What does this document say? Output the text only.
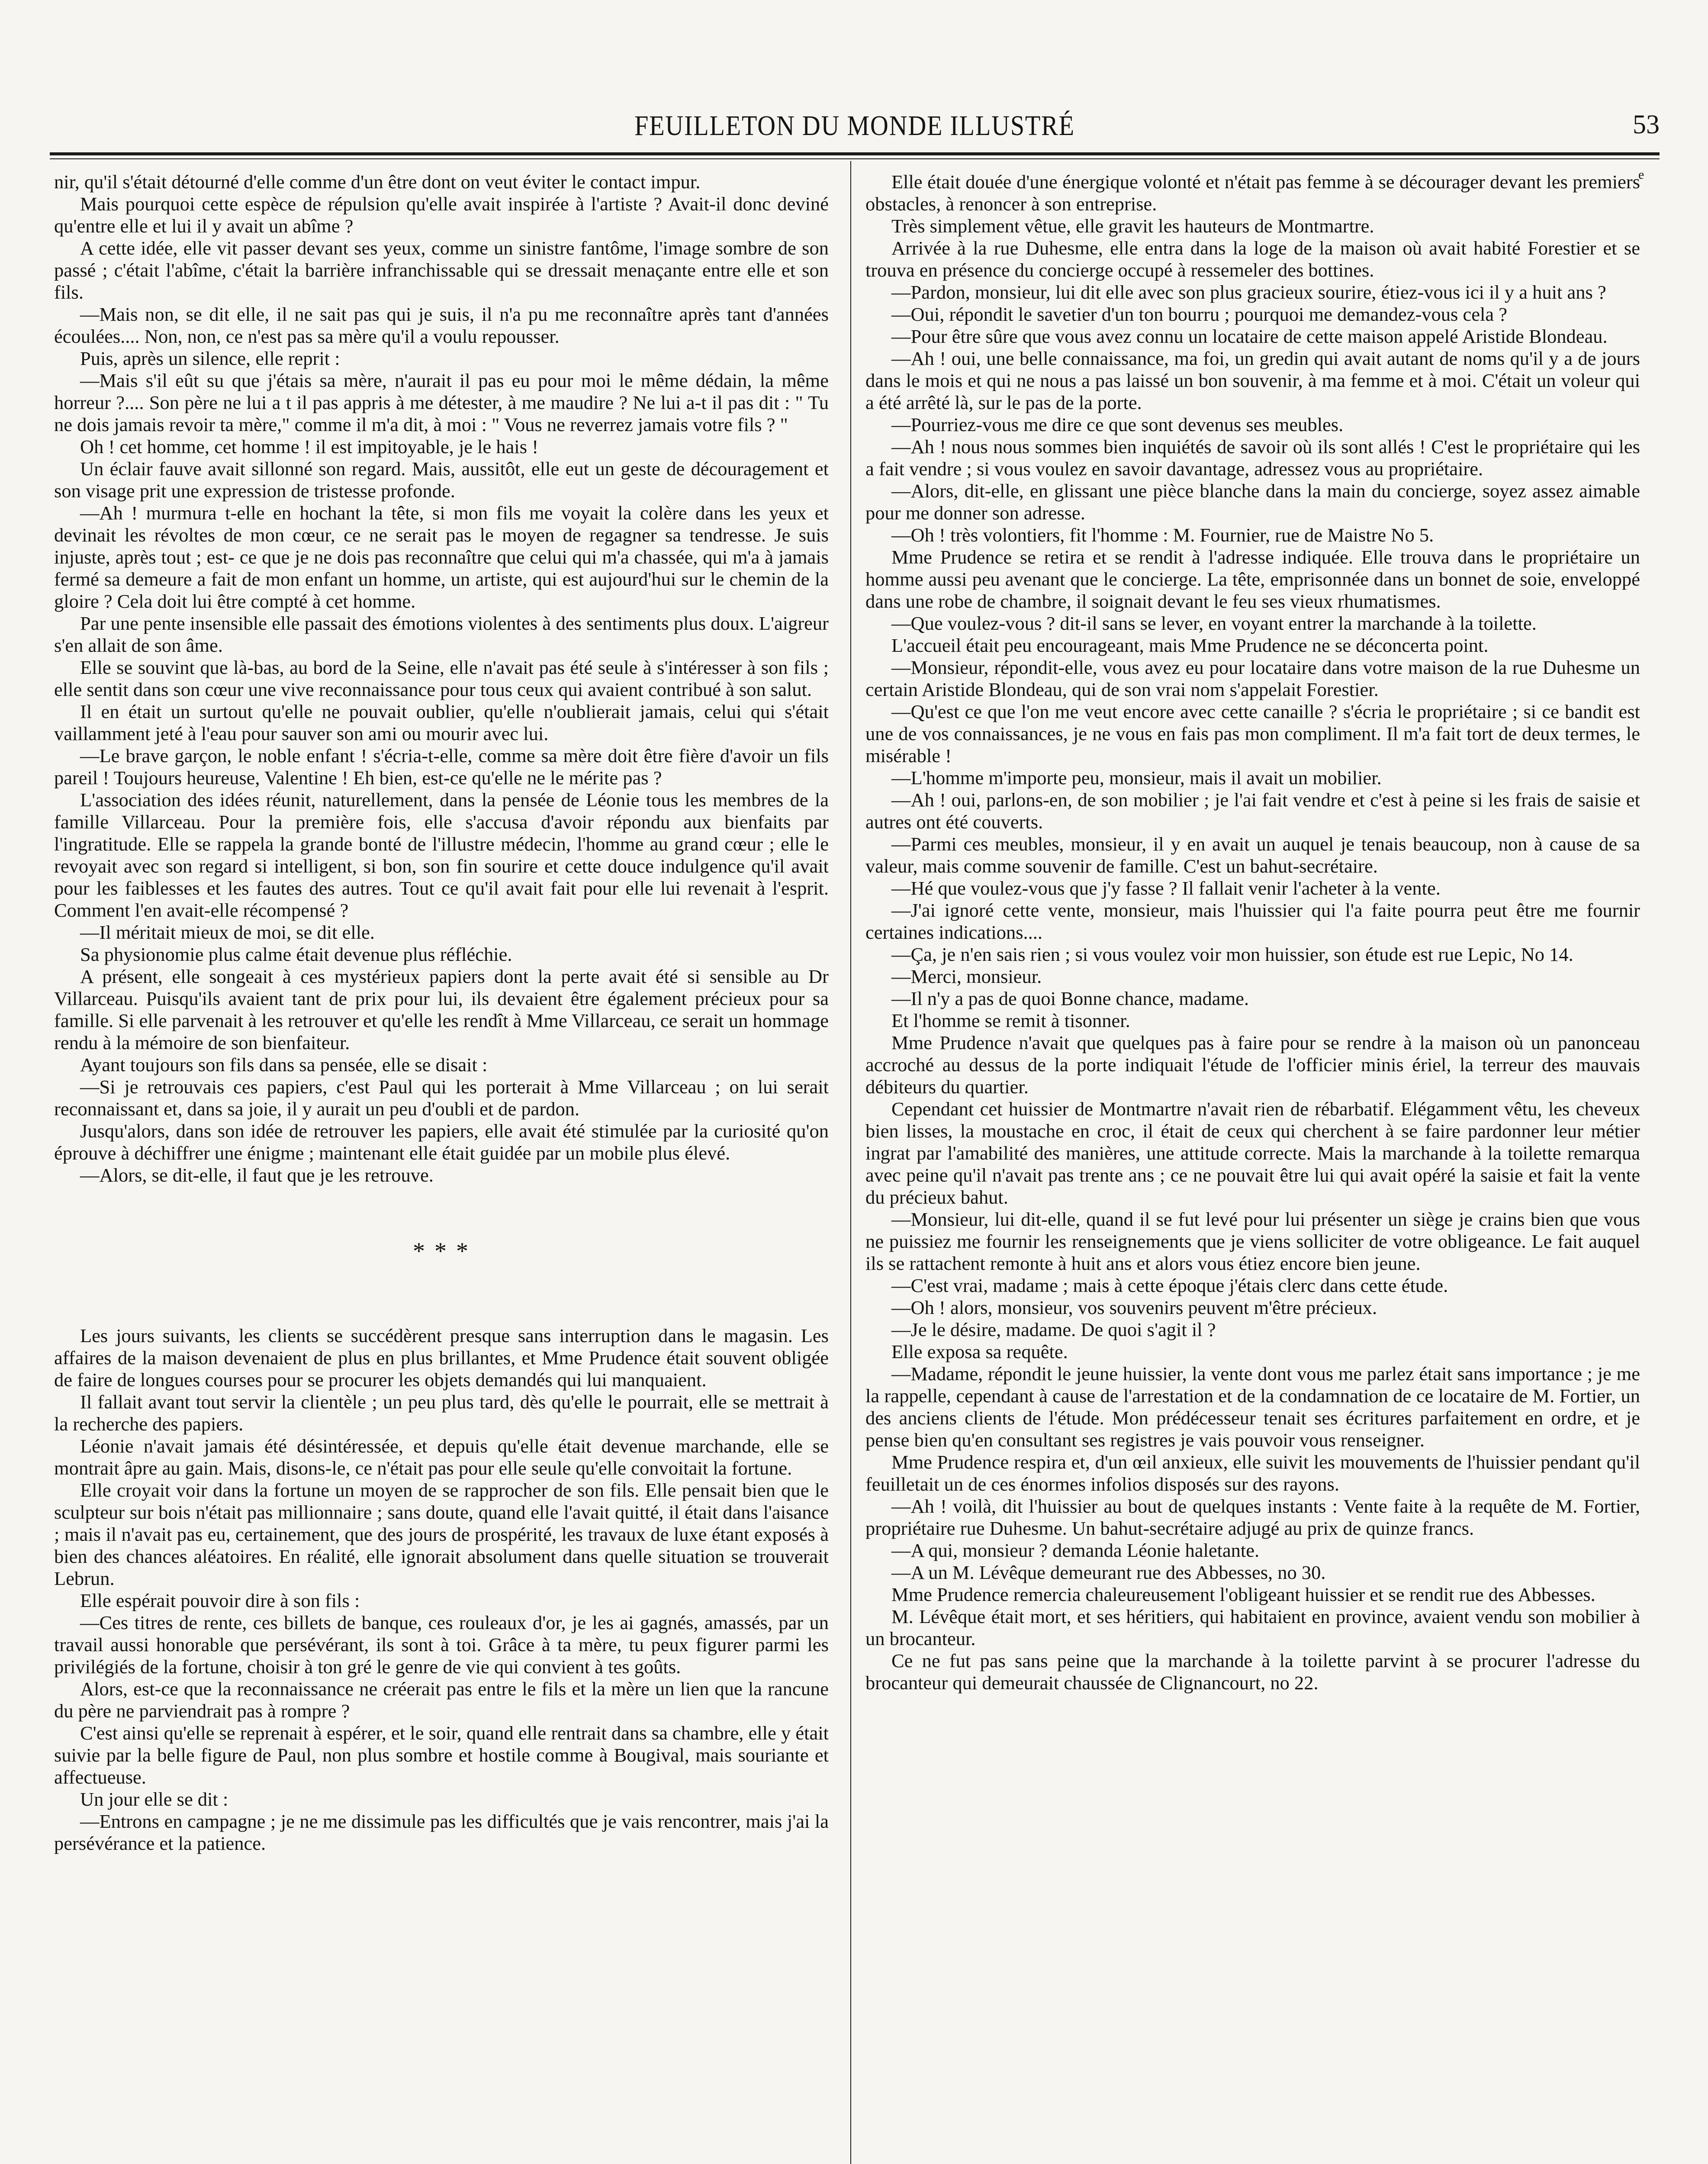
FEUILLETON DU MONDE ILLUSTRÉ	53
e

nir, qu'il s'était détourné d'elle comme d'un être dont on veut éviter le contact impur.

Mais pourquoi cette espèce de répulsion qu'elle avait inspirée à l'artiste ? Avait-il donc deviné qu'entre elle et lui il y avait un abîme ?

A cette idée, elle vit passer devant ses yeux, comme un sinistre fantôme, l'image sombre de son passé ; c'était l'abîme, c'était la barrière infranchissable qui se dressait menaçante entre elle et son fils.

—Mais non, se dit elle, il ne sait pas qui je suis, il n'a pu me reconnaître après tant d'années écoulées.... Non, non, ce n'est pas sa mère qu'il a voulu repousser.

Puis, après un silence, elle reprit :

—Mais s'il eût su que j'étais sa mère, n'aurait il pas eu pour moi le même dédain, la même horreur ?.... Son père ne lui a t il pas appris à me détester, à me maudire ? Ne lui a-t il pas dit : " Tu ne dois jamais revoir ta mère," comme il m'a dit, à moi : " Vous ne reverrez jamais votre fils ? "

Oh ! cet homme, cet homme ! il est impitoyable, je le hais !

Un éclair fauve avait sillonné son regard. Mais, aussitôt, elle eut un geste de découragement et son visage prit une expression de tristesse profonde.

—Ah ! murmura t-elle en hochant la tête, si mon fils me voyait la colère dans les yeux et devinait les révoltes de mon cœur, ce ne serait pas le moyen de regagner sa tendresse. Je suis injuste, après tout ; est- ce que je ne dois pas reconnaître que celui qui m'a chassée, qui m'a à jamais fermé sa demeure a fait de mon enfant un homme, un artiste, qui est aujourd'hui sur le chemin de la gloire ? Cela doit lui être compté à cet homme.

Par une pente insensible elle passait des émotions violentes à des sentiments plus doux. L'aigreur s'en allait de son âme.

Elle se souvint que là-bas, au bord de la Seine, elle n'avait pas été seule à s'intéresser à son fils ; elle sentit dans son cœur une vive reconnaissance pour tous ceux qui avaient contribué à son salut.

Il en était un surtout qu'elle ne pouvait oublier, qu'elle n'oublierait jamais, celui qui s'était vaillamment jeté à l'eau pour sauver son ami ou mourir avec lui.

—Le brave garçon, le noble enfant ! s'écria-t-elle, comme sa mère doit être fière d'avoir un fils pareil ! Toujours heureuse, Valentine ! Eh bien, est-ce qu'elle ne le mérite pas ?

L'association des idées réunit, naturellement, dans la pensée de Léonie tous les membres de la famille Villarceau. Pour la première fois, elle s'accusa d'avoir répondu aux bienfaits par l'ingratitude. Elle se rappela la grande bonté de l'illustre médecin, l'homme au grand cœur ; elle le revoyait avec son regard si intelligent, si bon, son fin sourire et cette douce indulgence qu'il avait pour les faiblesses et les fautes des autres. Tout ce qu'il avait fait pour elle lui revenait à l'esprit. Comment l'en avait-elle récompensé ?

—Il méritait mieux de moi, se dit elle.

Sa physionomie plus calme était devenue plus réfléchie.

A présent, elle songeait à ces mystérieux papiers dont la perte avait été si sensible au Dr Villarceau. Puisqu'ils avaient tant de prix pour lui, ils devaient être également précieux pour sa famille. Si elle parvenait à les retrouver et qu'elle les rendît à Mme Villarceau, ce serait un hommage rendu à la mémoire de son bienfaiteur.

Ayant toujours son fils dans sa pensée, elle se disait :

—Si je retrouvais ces papiers, c'est Paul qui les porterait à Mme Villarceau ; on lui serait reconnaissant et, dans sa joie, il y aurait un peu d'oubli et de pardon.

Jusqu'alors, dans son idée de retrouver les papiers, elle avait été stimulée par la curiosité qu'on éprouve à déchiffrer une énigme ; maintenant elle était guidée par un mobile plus élevé.

—Alors, se dit-elle, il faut que je les retrouve.

* * *

Les jours suivants, les clients se succédèrent presque sans interruption dans le magasin. Les affaires de la maison devenaient de plus en plus brillantes, et Mme Prudence était souvent obligée de faire de longues courses pour se procurer les objets demandés qui lui manquaient.

Il fallait avant tout servir la clientèle ; un peu plus tard, dès qu'elle le pourrait, elle se mettrait à la recherche des papiers.

Léonie n'avait jamais été désintéressée, et depuis qu'elle était devenue marchande, elle se montrait âpre au gain. Mais, disons-le, ce n'était pas pour elle seule qu'elle convoitait la fortune.

Elle croyait voir dans la fortune un moyen de se rapprocher de son fils. Elle pensait bien que le sculpteur sur bois n'était pas millionnaire ; sans doute, quand elle l'avait quitté, il était dans l'aisance ; mais il n'avait pas eu, certainement, que des jours de prospérité, les travaux de luxe étant exposés à bien des chances aléatoires. En réalité, elle ignorait absolument dans quelle situation se trouverait Lebrun.

Elle espérait pouvoir dire à son fils :

—Ces titres de rente, ces billets de banque, ces rouleaux d'or, je les ai gagnés, amassés, par un travail aussi honorable que persévérant, ils sont à toi. Grâce à ta mère, tu peux figurer parmi les privilégiés de la fortune, choisir à ton gré le genre de vie qui convient à tes goûts.

Alors, est-ce que la reconnaissance ne créerait pas entre le fils et la mère un lien que la rancune du père ne parviendrait pas à rompre ?

C'est ainsi qu'elle se reprenait à espérer, et le soir, quand elle rentrait dans sa chambre, elle y était suivie par la belle figure de Paul, non plus sombre et hostile comme à Bougival, mais souriante et affectueuse.

Un jour elle se dit :

—Entrons en campagne ; je ne me dissimule pas les difficultés que je vais rencontrer, mais j'ai la persévérance et la patience.

Elle était douée d'une énergique volonté et n'était pas femme à se décourager devant les premiers obstacles, à renoncer à son entreprise.

Très simplement vêtue, elle gravit les hauteurs de Montmartre.

Arrivée à la rue Duhesme, elle entra dans la loge de la maison où avait habité Forestier et se trouva en présence du concierge occupé à ressemeler des bottines.

—Pardon, monsieur, lui dit elle avec son plus gracieux sourire, étiez-vous ici il y a huit ans ?

—Oui, répondit le savetier d'un ton bourru ; pourquoi me demandez-vous cela ?

—Pour être sûre que vous avez connu un locataire de cette maison appelé Aristide Blondeau.

—Ah ! oui, une belle connaissance, ma foi, un gredin qui avait autant de noms qu'il y a de jours dans le mois et qui ne nous a pas laissé un bon souvenir, à ma femme et à moi. C'était un voleur qui a été arrêté là, sur le pas de la porte.

—Pourriez-vous me dire ce que sont devenus ses meubles.

—Ah ! nous nous sommes bien inquiétés de savoir où ils sont allés ! C'est le propriétaire qui les a fait vendre ; si vous voulez en savoir davantage, adressez vous au propriétaire.

—Alors, dit-elle, en glissant une pièce blanche dans la main du concierge, soyez assez aimable pour me donner son adresse.

—Oh ! très volontiers, fit l'homme : M. Fournier, rue de Maistre No 5.

Mme Prudence se retira et se rendit à l'adresse indiquée. Elle trouva dans le propriétaire un homme aussi peu avenant que le concierge. La tête, emprisonnée dans un bonnet de soie, enveloppé dans une robe de chambre, il soignait devant le feu ses vieux rhumatismes.

—Que voulez-vous ? dit-il sans se lever, en voyant entrer la marchande à la toilette.

L'accueil était peu encourageant, mais Mme Prudence ne se déconcerta point.

—Monsieur, répondit-elle, vous avez eu pour locataire dans votre maison de la rue Duhesme un certain Aristide Blondeau, qui de son vrai nom s'appelait Forestier.

—Qu'est ce que l'on me veut encore avec cette canaille ? s'écria le propriétaire ; si ce bandit est une de vos connaissances, je ne vous en fais pas mon compliment. Il m'a fait tort de deux termes, le misérable !

—L'homme m'importe peu, monsieur, mais il avait un mobilier.

—Ah ! oui, parlons-en, de son mobilier ; je l'ai fait vendre et c'est à peine si les frais de saisie et autres ont été couverts.

—Parmi ces meubles, monsieur, il y en avait un auquel je tenais beaucoup, non à cause de sa valeur, mais comme souvenir de famille. C'est un bahut-secrétaire.

—Hé que voulez-vous que j'y fasse ? Il fallait venir l'acheter à la vente.

—J'ai ignoré cette vente, monsieur, mais l'huissier qui l'a faite pourra peut être me fournir certaines indications....

—Ça, je n'en sais rien ; si vous voulez voir mon huissier, son étude est rue Lepic, No 14.

—Merci, monsieur.

—Il n'y a pas de quoi Bonne chance, madame.

Et l'homme se remit à tisonner.

Mme Prudence n'avait que quelques pas à faire pour se rendre à la maison où un panonceau accroché au dessus de la porte indiquait l'étude de l'officier minis ériel, la terreur des mauvais débiteurs du quartier.

Cependant cet huissier de Montmartre n'avait rien de rébarbatif. Elégamment vêtu, les cheveux bien lisses, la moustache en croc, il était de ceux qui cherchent à se faire pardonner leur métier ingrat par l'amabilité des manières, une attitude correcte. Mais la marchande à la toilette remarqua avec peine qu'il n'avait pas trente ans ; ce ne pouvait être lui qui avait opéré la saisie et fait la vente du précieux bahut.

—Monsieur, lui dit-elle, quand il se fut levé pour lui présenter un siège je crains bien que vous ne puissiez me fournir les renseignements que je viens solliciter de votre obligeance. Le fait auquel ils se rattachent remonte à huit ans et alors vous étiez encore bien jeune.

—C'est vrai, madame ; mais à cette époque j'étais clerc dans cette étude.

—Oh ! alors, monsieur, vos souvenirs peuvent m'être précieux.

—Je le désire, madame. De quoi s'agit il ?

Elle exposa sa requête.

—Madame, répondit le jeune huissier, la vente dont vous me parlez était sans importance ; je me la rappelle, cependant à cause de l'arrestation et de la condamnation de ce locataire de M. Fortier, un des anciens clients de l'étude. Mon prédécesseur tenait ses écritures parfaitement en ordre, et je pense bien qu'en consultant ses registres je vais pouvoir vous renseigner.

Mme Prudence respira et, d'un œil anxieux, elle suivit les mouvements de l'huissier pendant qu'il feuilletait un de ces énormes infolios disposés sur des rayons.

—Ah ! voilà, dit l'huissier au bout de quelques instants : Vente faite à la requête de M. Fortier, propriétaire rue Duhesme. Un bahut-secrétaire adjugé au prix de quinze francs.

—A qui, monsieur ? demanda Léonie haletante.

—A un M. Lévêque demeurant rue des Abbesses, no 30.

Mme Prudence remercia chaleureusement l'obligeant huissier et se rendit rue des Abbesses.

M. Lévêque était mort, et ses héritiers, qui habitaient en province, avaient vendu son mobilier à un brocanteur.

Ce ne fut pas sans peine que la marchande à la toilette parvint à se procurer l'adresse du brocanteur qui demeurait chaussée de Clignancourt, no 22.
